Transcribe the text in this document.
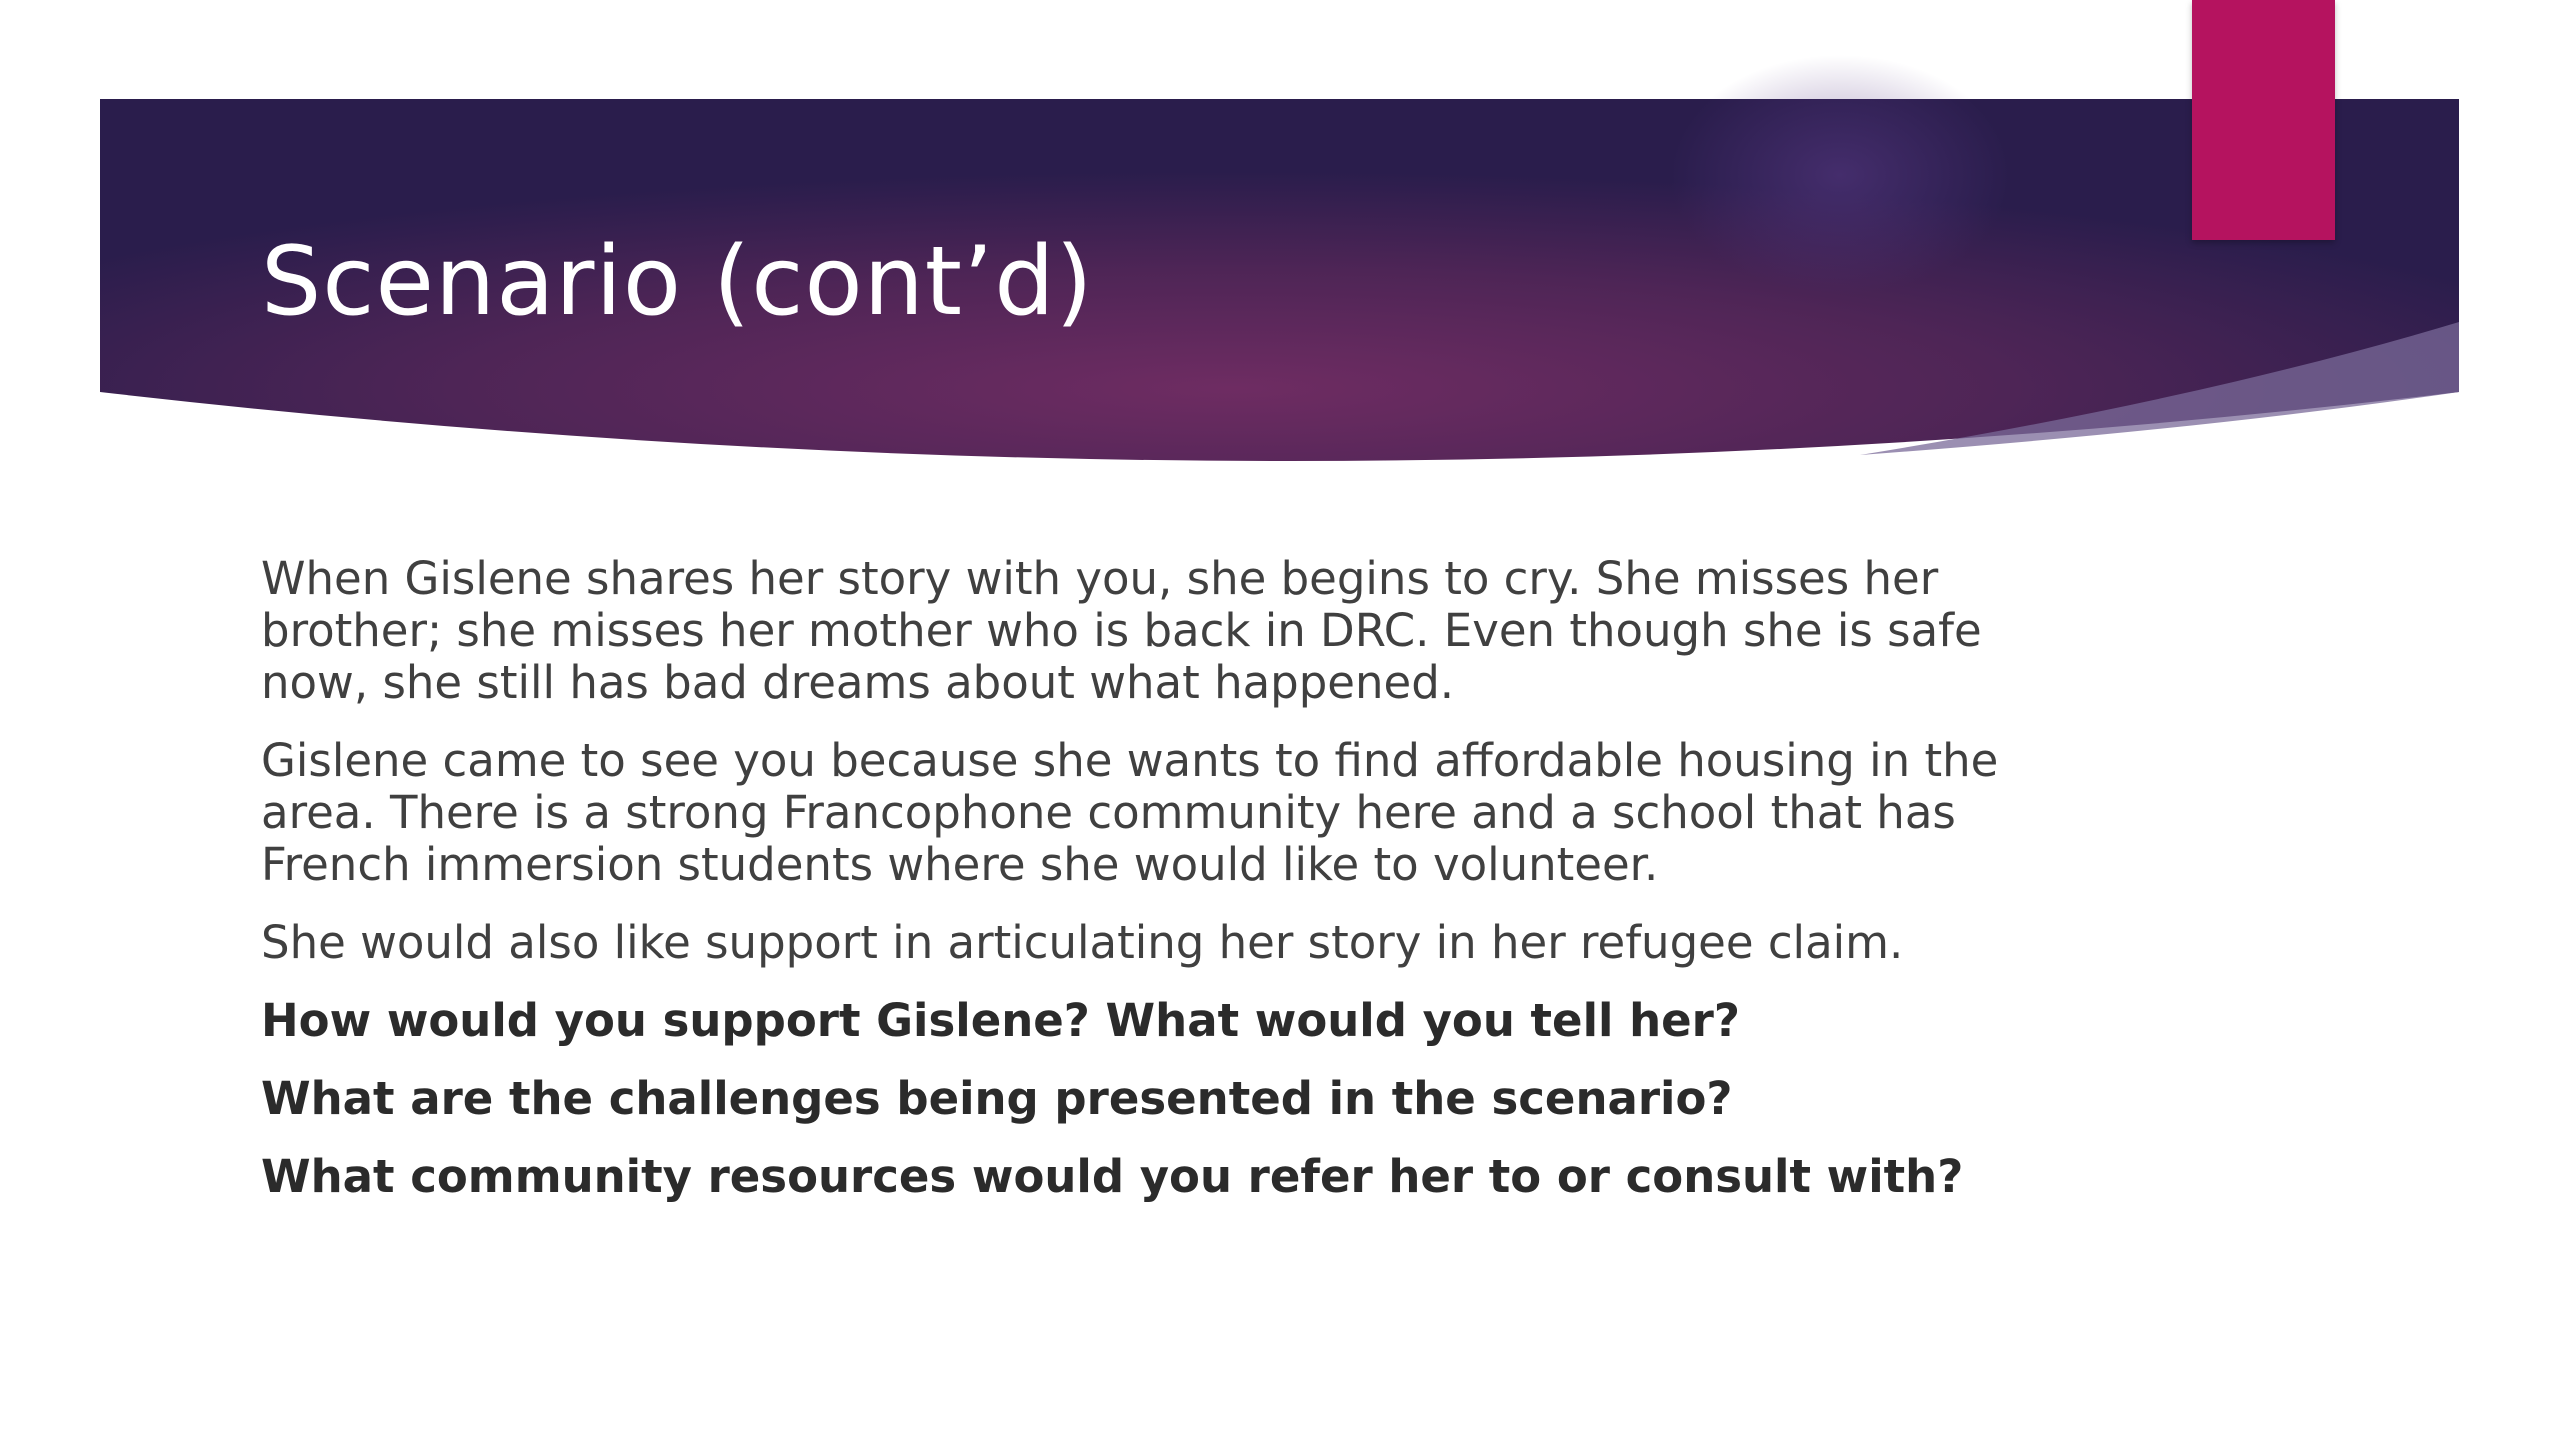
Scenario (cont’d)

When Gislene shares her story with you, she begins to cry. She misses her
brother; she misses her mother who is back in DRC. Even though she is safe
now, she still has bad dreams about what happened.

Gislene came to see you because she wants to find affordable housing in the
area. There is a strong Francophone community here and a school that has
French immersion students where she would like to volunteer.

She would also like support in articulating her story in her refugee claim.

How would you support Gislene? What would you tell her?

What are the challenges being presented in the scenario?

What community resources would you refer her to or consult with?
